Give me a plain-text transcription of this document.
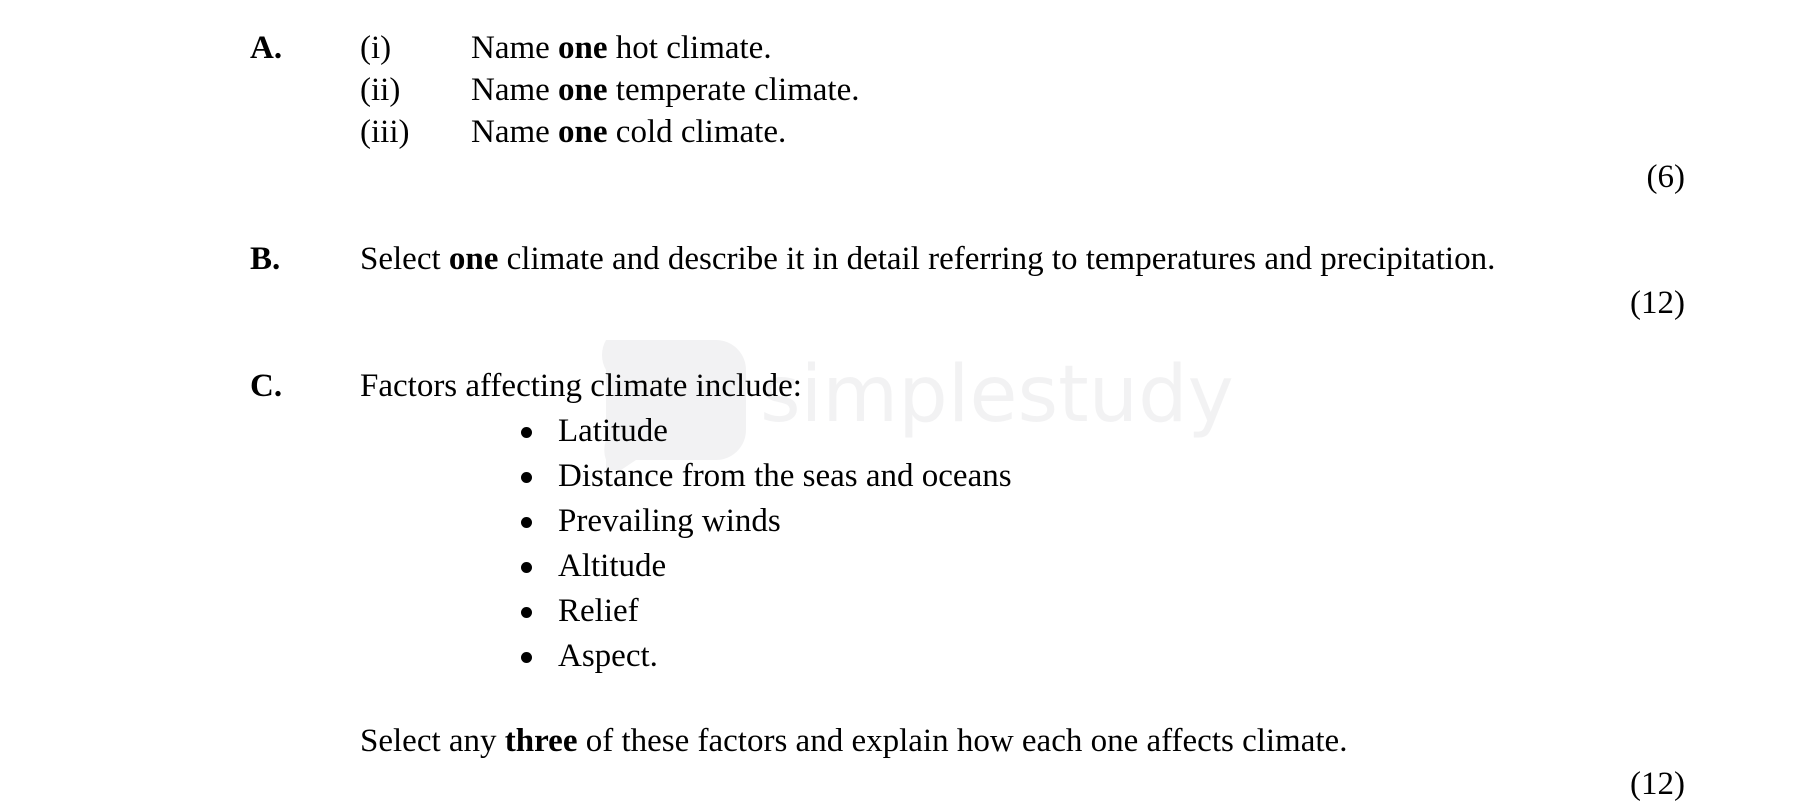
simplestudy
A. (i) Name one hot climate.
(ii) Name one temperate climate.
(iii) Name one cold climate.
(6)
B. Select one climate and describe it in detail referring to temperatures and precipitation.
(12)
C. Factors affecting climate include:
Latitude
Distance from the seas and oceans
Prevailing winds
Altitude
Relief
Aspect.
Select any three of these factors and explain how each one affects climate.
(12)
